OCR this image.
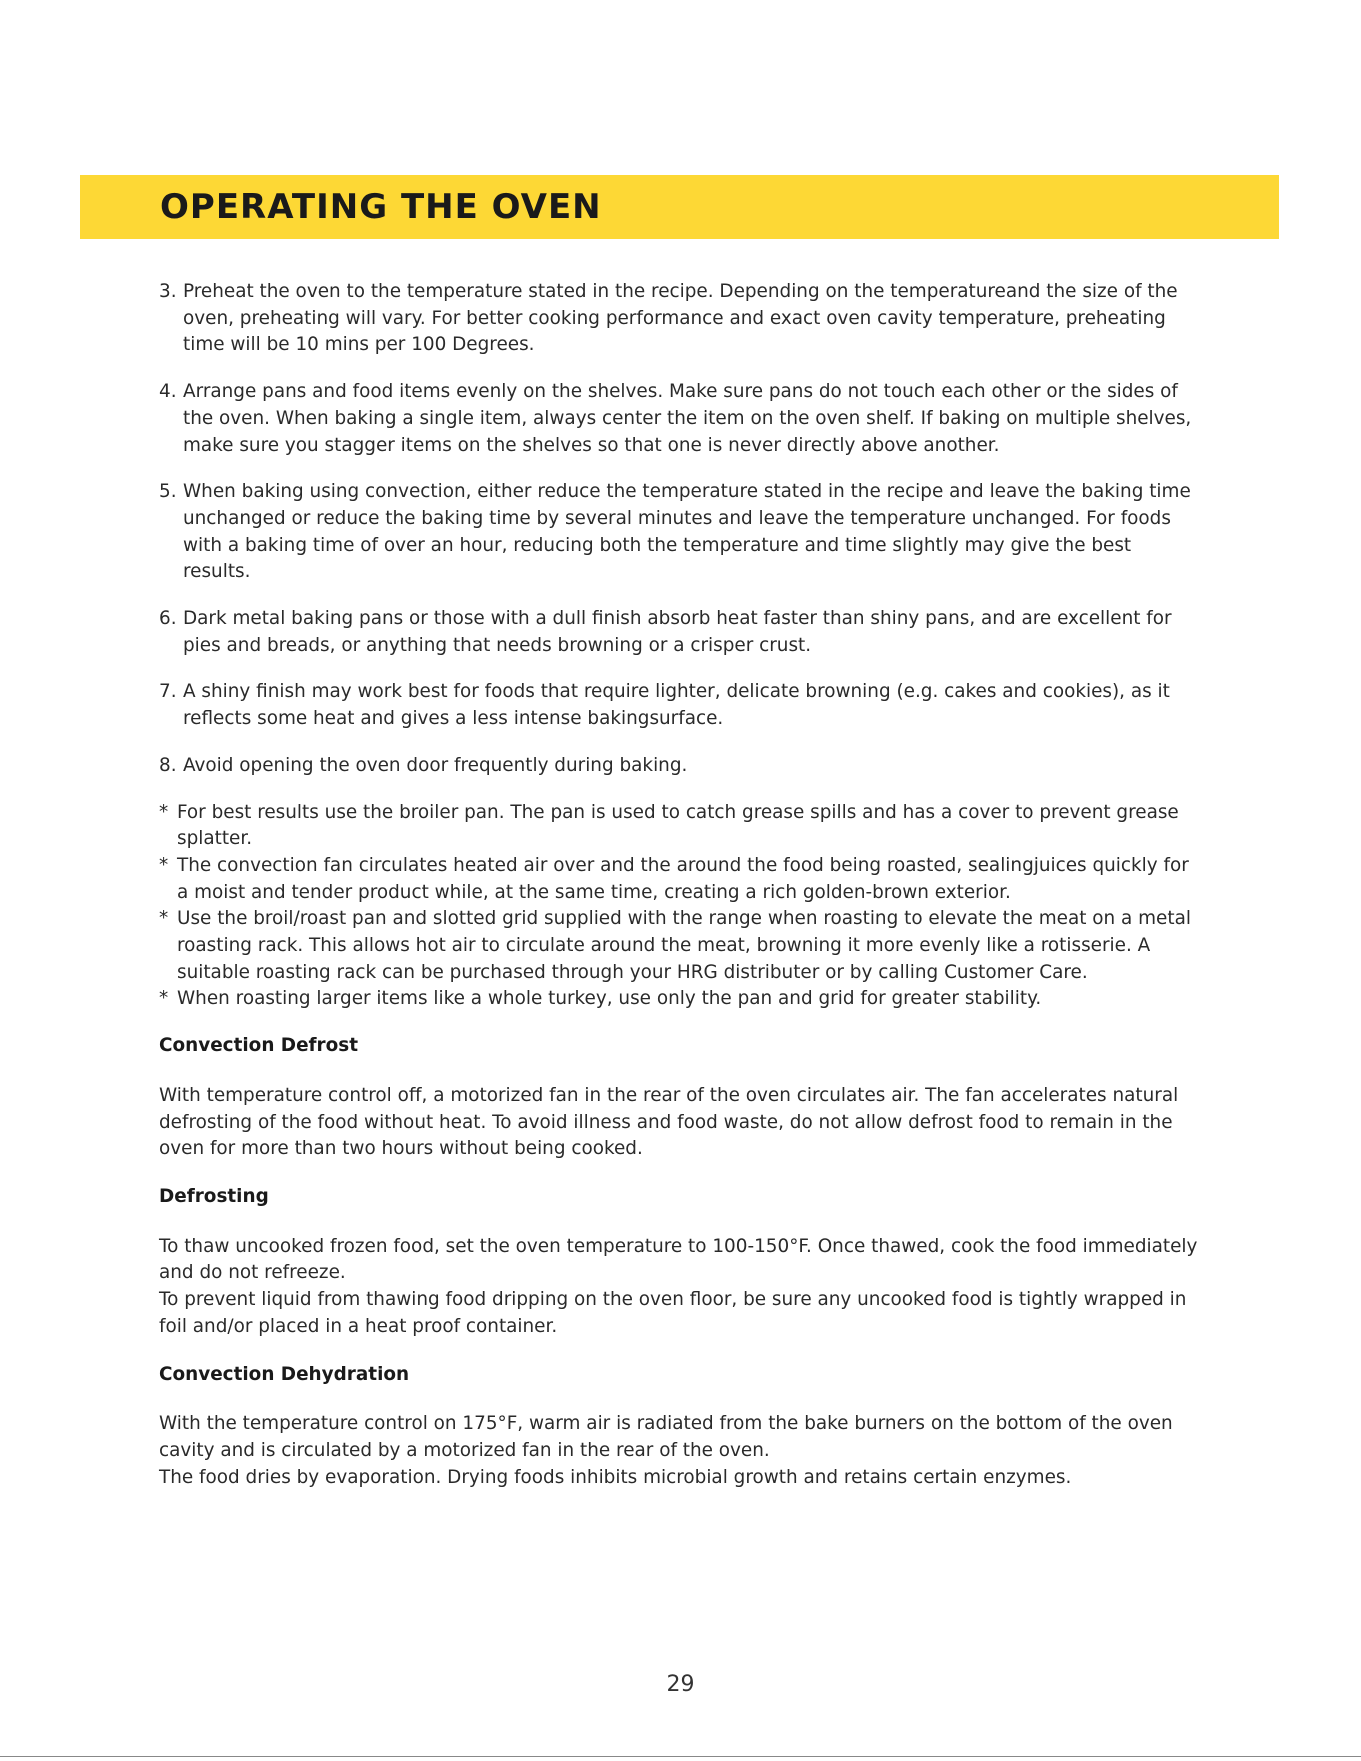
OPERATING THE OVEN

3. Preheat the oven to the temperature stated in the recipe. Depending on the temperatureand the size of the oven, preheating will vary. For better cooking performance and exact oven cavity temperature, preheating time will be 10 mins per 100 Degrees.

4. Arrange pans and food items evenly on the shelves. Make sure pans do not touch each other or the sides of the oven. When baking a single item, always center the item on the oven shelf. If baking on multiple shelves, make sure you stagger items on the shelves so that one is never directly above another.

5. When baking using convection, either reduce the temperature stated in the recipe and leave the baking time unchanged or reduce the baking time by several minutes and leave the temperature unchanged. For foods with a baking time of over an hour, reducing both the temperature and time slightly may give the best results.

6. Dark metal baking pans or those with a dull finish absorb heat faster than shiny pans, and are excellent for pies and breads, or anything that needs browning or a crisper crust.

7. A shiny finish may work best for foods that require lighter, delicate browning (e.g. cakes and cookies), as it reflects some heat and gives a less intense bakingsurface.

8. Avoid opening the oven door frequently during baking.

* For best results use the broiler pan. The pan is used to catch grease spills and has a cover to prevent grease splatter.

* The convection fan circulates heated air over and the around the food being roasted, sealingjuices quickly for a moist and tender product while, at the same time, creating a rich golden-brown exterior.

* Use the broil/roast pan and slotted grid supplied with the range when roasting to elevate the meat on a metal roasting rack. This allows hot air to circulate around the meat, browning it more evenly like a rotisserie. A suitable roasting rack can be purchased through your HRG distributer or by calling Customer Care.

* When roasting larger items like a whole turkey, use only the pan and grid for greater stability.

Convection Defrost

With temperature control off, a motorized fan in the rear of the oven circulates air. The fan accelerates natural defrosting of the food without heat. To avoid illness and food waste, do not allow defrost food to remain in the oven for more than two hours without being cooked.

Defrosting

To thaw uncooked frozen food, set the oven temperature to 100-150°F. Once thawed, cook the food immediately and do not refreeze.

To prevent liquid from thawing food dripping on the oven floor, be sure any uncooked food is tightly wrapped in foil and/or placed in a heat proof container.

Convection Dehydration

With the temperature control on 175°F, warm air is radiated from the bake burners on the bottom of the oven cavity and is circulated by a motorized fan in the rear of the oven.

The food dries by evaporation. Drying foods inhibits microbial growth and retains certain enzymes.

29
